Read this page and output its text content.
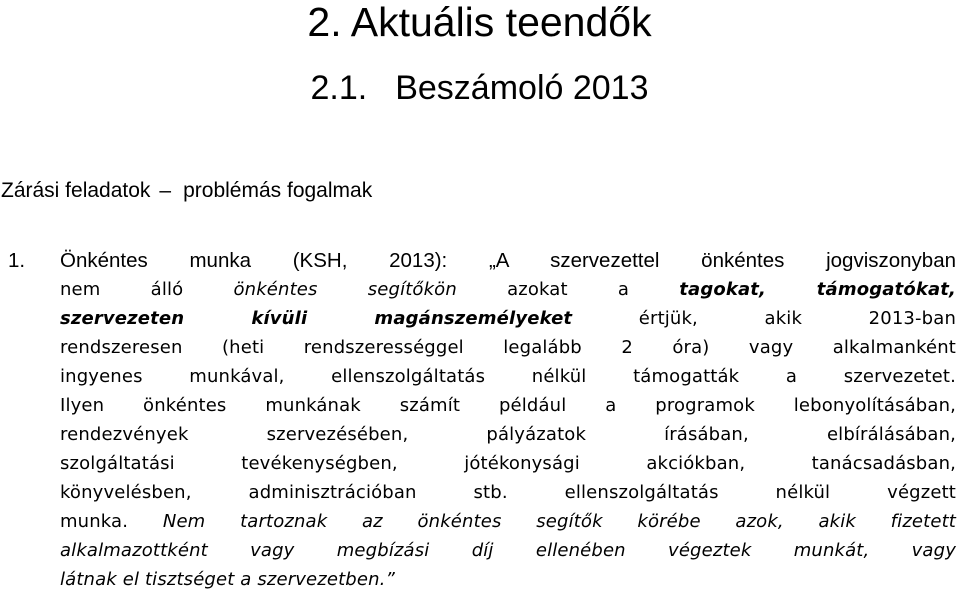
2. Aktuális teendők
2.1. Beszámoló 2013

Zárási feladatok – problémás fogalmak

1. Önkéntes munka (KSH, 2013): „A szervezettel önkéntes jogviszonyban
nem álló	önkéntes segítőkön	azokat a	tagokat, támogatókat,
szervezeten kívüli magánszemélyeket	értjük, akik 2013-ban
rendszeresen (heti rendszerességgel legalább 2 óra) vagy alkalmanként
ingyenes munkával, ellenszolgáltatás nélkül támogatták a szervezetet.
Ilyen önkéntes munkának számít például a programok lebonyolításában,
rendezvények szervezésében, pályázatok írásában, elbírálásában,
szolgáltatási tevékenységben, jótékonysági akciókban, tanácsadásban,
könyvelésben, adminisztrációban stb. ellenszolgáltatás nélkül végzett
munka. Nem tartoznak az önkéntes segítők körébe azok, akik fizetett
alkalmazottként vagy megbízási díj ellenében végeztek munkát, vagy
látnak el tisztséget a szervezetben.”
